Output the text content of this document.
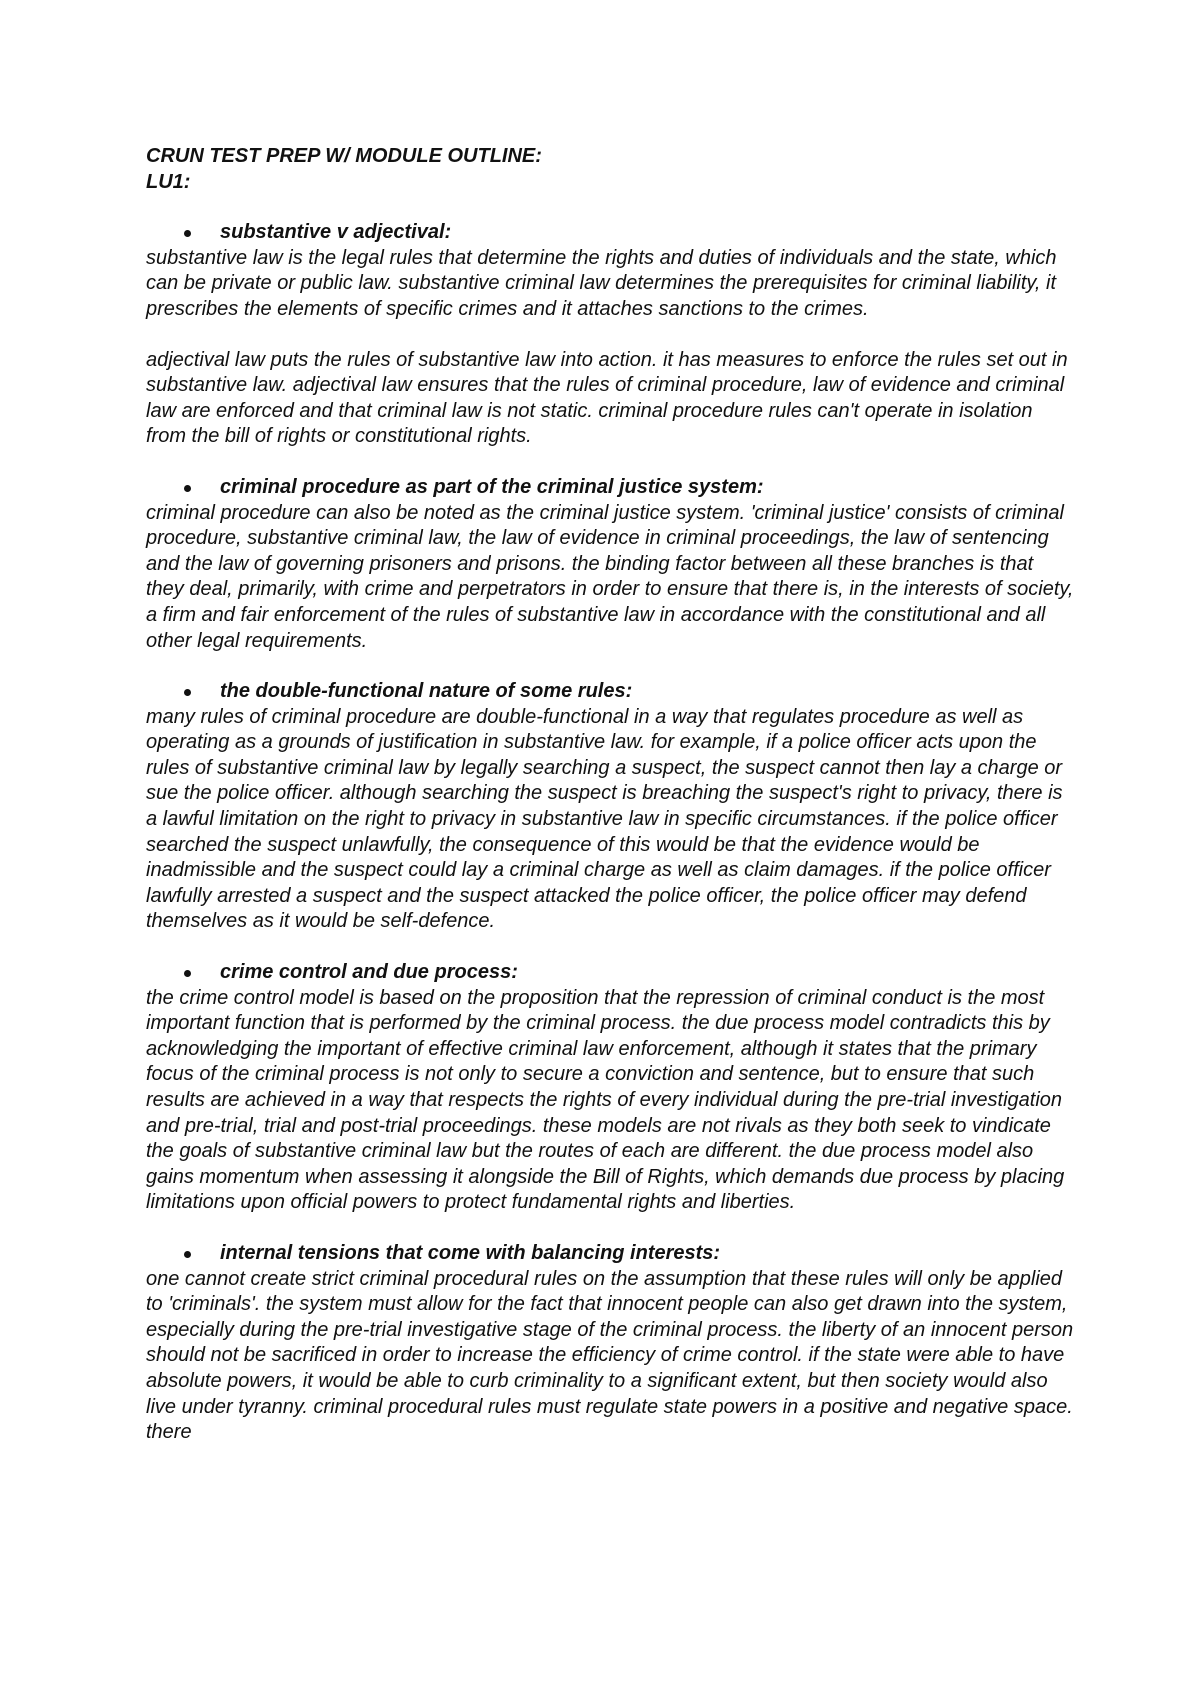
CRUN TEST PREP W/ MODULE OUTLINE:

LU1:

substantive v adjectival:

substantive law is the legal rules that determine the rights and duties of individuals and the state, which can be private or public law. substantive criminal law determines the prerequisites for criminal liability, it prescribes the elements of specific crimes and it attaches sanctions to the crimes.

adjectival law puts the rules of substantive law into action. it has measures to enforce the rules set out in substantive law. adjectival law ensures that the rules of criminal procedure, law of evidence and criminal law are enforced and that criminal law is not static. criminal procedure rules can't operate in isolation from the bill of rights or constitutional rights.

criminal procedure as part of the criminal justice system:

criminal procedure can also be noted as the criminal justice system. 'criminal justice' consists of criminal procedure, substantive criminal law, the law of evidence in criminal proceedings, the law of sentencing and the law of governing prisoners and prisons. the binding factor between all these branches is that they deal, primarily, with crime and perpetrators in order to ensure that there is, in the interests of society, a firm and fair enforcement of the rules of substantive law in accordance with the constitutional and all other legal requirements.

the double-functional nature of some rules:

many rules of criminal procedure are double-functional in a way that regulates procedure as well as operating as a grounds of justification in substantive law. for example, if a police officer acts upon the rules of substantive criminal law by legally searching a suspect, the suspect cannot then lay a charge or sue the police officer. although searching the suspect is breaching the suspect's right to privacy, there is a lawful limitation on the right to privacy in substantive law in specific circumstances. if the police officer searched the suspect unlawfully, the consequence of this would be that the evidence would be inadmissible and the suspect could lay a criminal charge as well as claim damages. if the police officer lawfully arrested a suspect and the suspect attacked the police officer, the police officer may defend themselves as it would be self-defence.

crime control and due process:

the crime control model is based on the proposition that the repression of criminal conduct is the most important function that is performed by the criminal process. the due process model contradicts this by acknowledging the important of effective criminal law enforcement, although it states that the primary focus of the criminal process is not only to secure a conviction and sentence, but to ensure that such results are achieved in a way that respects the rights of every individual during the pre-trial investigation and pre-trial, trial and post-trial proceedings. these models are not rivals as they both seek to vindicate the goals of substantive criminal law but the routes of each are different. the due process model also gains momentum when assessing it alongside the Bill of Rights, which demands due process by placing limitations upon official powers to protect fundamental rights and liberties.

internal tensions that come with balancing interests:

one cannot create strict criminal procedural rules on the assumption that these rules will only be applied to 'criminals'. the system must allow for the fact that innocent people can also get drawn into the system, especially during the pre-trial investigative stage of the criminal process. the liberty of an innocent person should not be sacrificed in order to increase the efficiency of crime control. if the state were able to have absolute powers, it would be able to curb criminality to a significant extent, but then society would also live under tyranny. criminal procedural rules must regulate state powers in a positive and negative space. there
